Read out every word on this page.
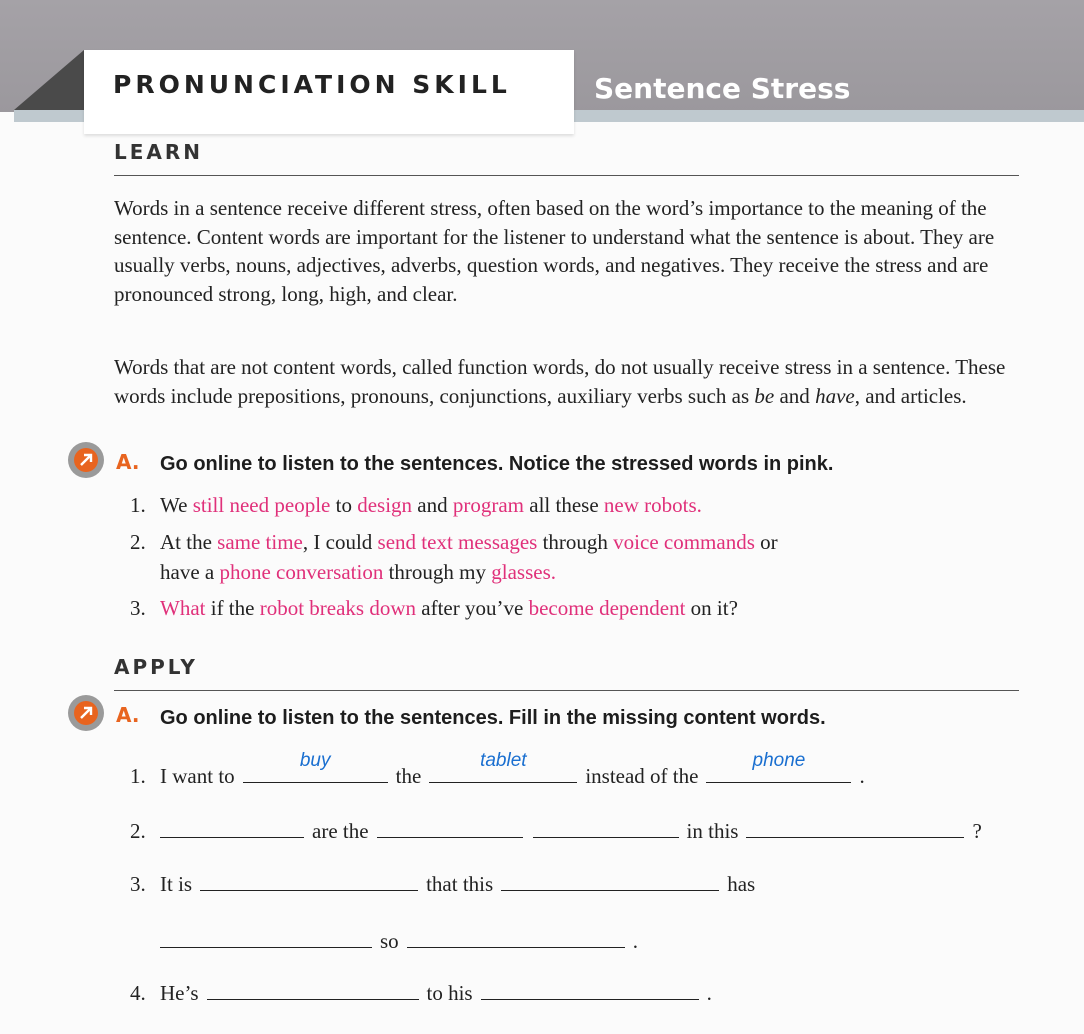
PRONUNCIATION SKILL	Sentence Stress
LEARN

Words in a sentence receive different stress, often based on the word’s importance to the meaning of the sentence. Content words are important for the listener to understand what the sentence is about. They are usually verbs, nouns, adjectives, adverbs, question words, and negatives. They receive the stress and are pronounced strong, long, high, and clear.

Words that are not content words, called function words, do not usually receive stress in a sentence. These words include prepositions, pronouns, conjunctions, auxiliary verbs such as be and have, and articles.

A. Go online to listen to the sentences. Notice the stressed words in pink.
1. We still need people to design and program all these new robots.
2. At the same time, I could send text messages through voice commands or
have a phone conversation through my glasses.
3. What if the robot breaks down after you’ve become dependent on it?
APPLY
A. Go online to listen to the sentences. Fill in the missing content words.
1. I want to
buy
the
tablet
instead of the
phone
.
2.	are the	in this	?
3. It is	that this	has
so	.
4. He’s	to his	.
